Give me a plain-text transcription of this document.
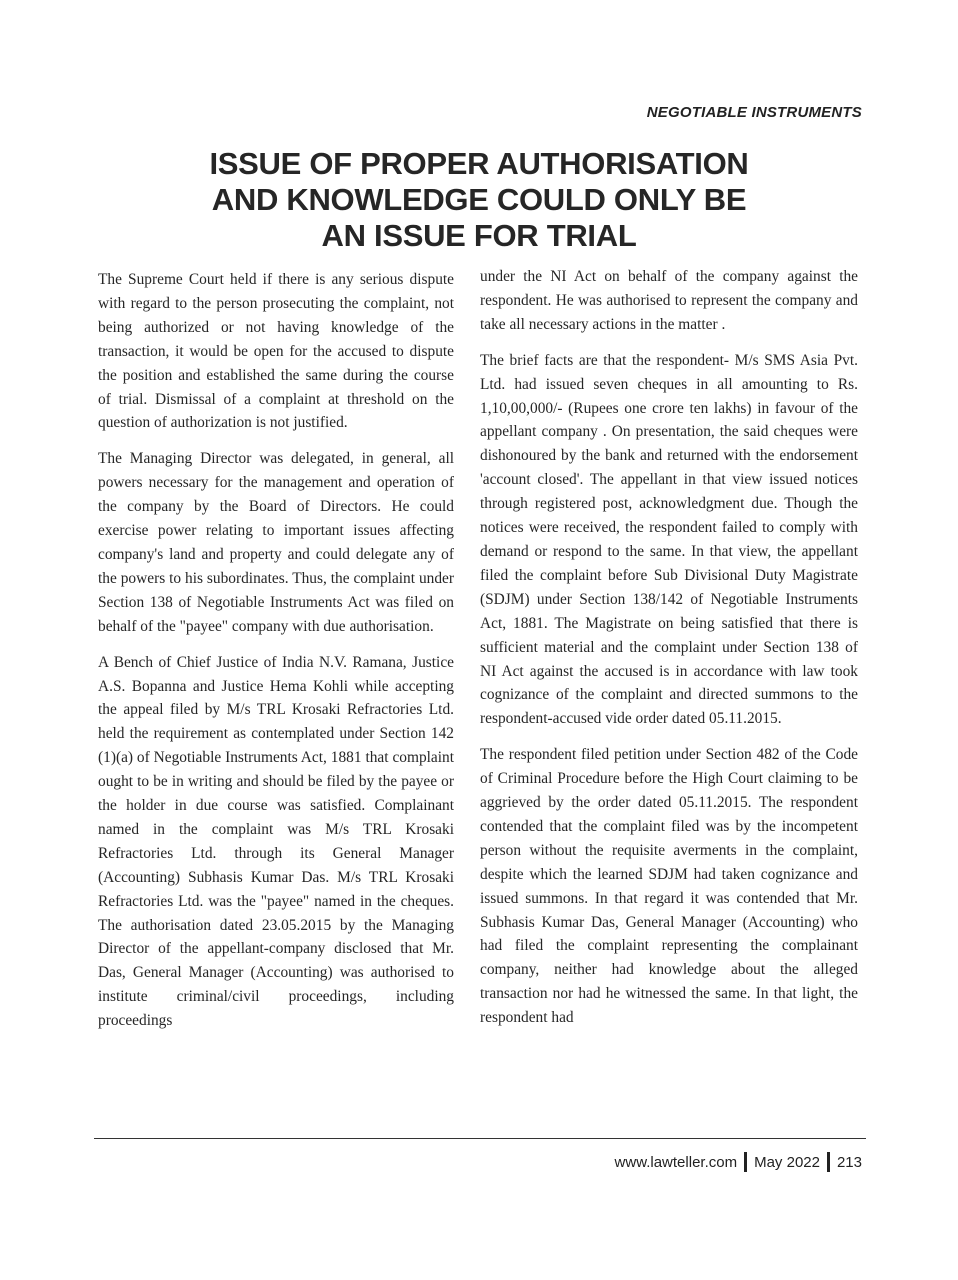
NEGOTIABLE INSTRUMENTS
ISSUE OF PROPER AUTHORISATION
AND KNOWLEDGE COULD ONLY BE
AN ISSUE FOR TRIAL

The Supreme Court held if there is any serious dispute with regard to the person prosecuting the complaint, not being authorized or not having knowledge of the transaction, it would be open for the accused to dispute the position and established the same during the course of trial. Dismissal of a complaint at threshold on the question of authorization is not justified.

The Managing Director was delegated, in general, all powers necessary for the management and operation of the company by the Board of Directors. He could exercise power relating to important issues affecting company's land and property and could delegate any of the powers to his subordinates. Thus, the complaint under Section 138 of Negotiable Instruments Act was filed on behalf of the "payee" company with due authorisation.

A Bench of Chief Justice of India N.V. Ramana, Justice A.S. Bopanna and Justice Hema Kohli while accepting the appeal filed by M/s TRL Krosaki Refractories Ltd. held the requirement as contemplated under Section 142 (1)(a) of Negotiable Instruments Act, 1881 that complaint ought to be in writing and should be filed by the payee or the holder in due course was satisfied. Complainant named in the complaint was M/s TRL Krosaki Refractories Ltd. through its General Manager (Accounting) Subhasis Kumar Das. M/s TRL Krosaki Refractories Ltd. was the "payee" named in the cheques. The authorisation dated 23.05.2015 by the Managing Director of the appellant-company disclosed that Mr. Das, General Manager (Accounting) was authorised to institute criminal/civil proceedings, including proceedings

under the NI Act on behalf of the company against the respondent. He was authorised to represent the company and take all necessary actions in the matter .

The brief facts are that the respondent- M/s SMS Asia Pvt. Ltd. had issued seven cheques in all amounting to Rs. 1,10,00,000/- (Rupees one crore ten lakhs) in favour of the appellant company . On presentation, the said cheques were dishonoured by the bank and returned with the endorsement 'account closed'. The appellant in that view issued notices through registered post, acknowledgment due. Though the notices were received, the respondent failed to comply with demand or respond to the same. In that view, the appellant filed the complaint before Sub Divisional Duty Magistrate (SDJM) under Section 138/142 of Negotiable Instruments Act, 1881. The Magistrate on being satisfied that there is sufficient material and the complaint under Section 138 of NI Act against the accused is in accordance with law took cognizance of the complaint and directed summons to the respondent-accused vide order dated 05.11.2015.

The respondent filed petition under Section 482 of the Code of Criminal Procedure before the High Court claiming to be aggrieved by the order dated 05.11.2015. The respondent contended that the complaint filed was by the incompetent person without the requisite averments in the complaint, despite which the learned SDJM had taken cognizance and issued summons. In that regard it was contended that Mr. Subhasis Kumar Das, General Manager (Accounting) who had filed the complaint representing the complainant company, neither had knowledge about the alleged transaction nor had he witnessed the same. In that light, the respondent had

www.lawteller.com May 2022 213
